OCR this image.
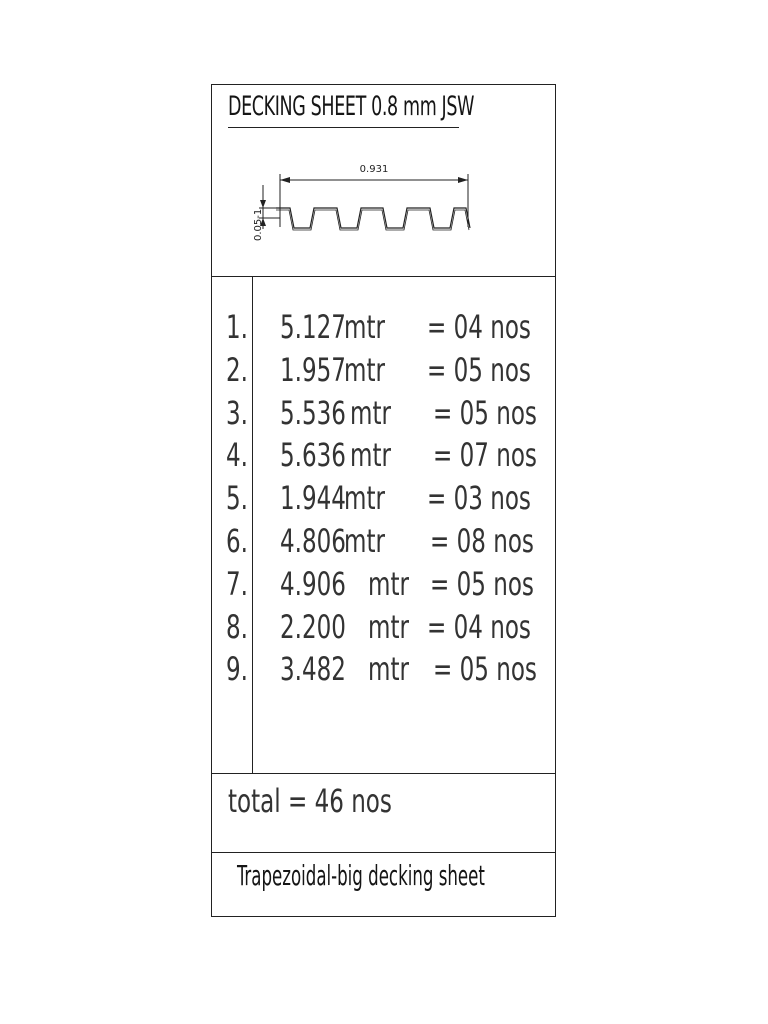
DECKING SHEET 0.8 mm JSW
0.931
0.05-1
1. 5.127
mtr = 04 nos
2. 1.957
mtr = 05 nos
3. 5.536 mtr = 05 nos
4. 5.636 mtr = 07 nos
5. 1.944
mtr = 03 nos
6. 4.806
mtr = 08 nos
7. 4.906 mtr = 05 nos
8. 2.200 mtr = 04 nos
9. 3.482 mtr = 05 nos
total = 46 nos
Trapezoidal-big decking sheet
